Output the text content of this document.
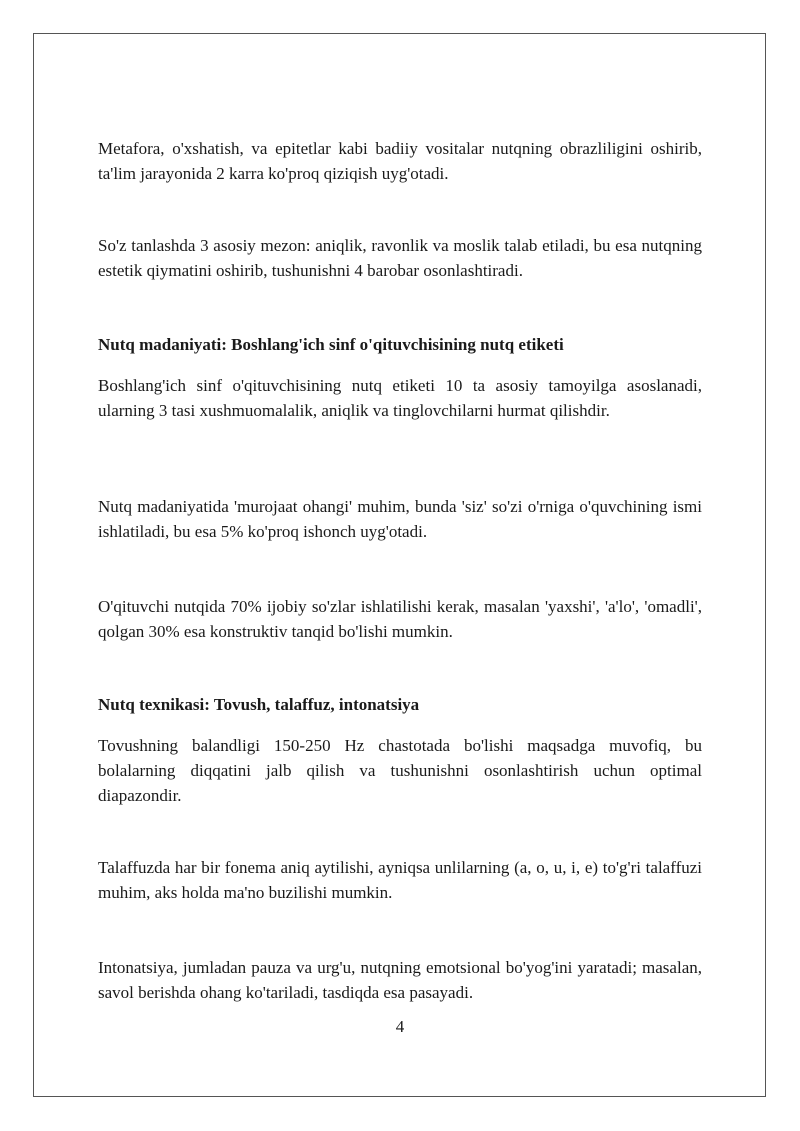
Metafora, o'xshatish, va epitetlar kabi badiiy vositalar nutqning obrazliligini oshirib, ta'lim jarayonida 2 karra ko'proq qiziqish uyg'otadi.

So'z tanlashda 3 asosiy mezon: aniqlik, ravonlik va moslik talab etiladi, bu esa nutqning estetik qiymatini oshirib, tushunishni 4 barobar osonlashtiradi.

Nutq madaniyati: Boshlang'ich sinf o'qituvchisining nutq etiketi

Boshlang'ich sinf o'qituvchisining nutq etiketi 10 ta asosiy tamoyilga asoslanadi, ularning 3 tasi xushmuomalalik, aniqlik va tinglovchilarni hurmat qilishdir.

Nutq madaniyatida 'murojaat ohangi' muhim, bunda 'siz' so'zi o'rniga o'quvchining ismi ishlatiladi, bu esa 5% ko'proq ishonch uyg'otadi.

O'qituvchi nutqida 70% ijobiy so'zlar ishlatilishi kerak, masalan 'yaxshi', 'a'lo', 'omadli', qolgan 30% esa konstruktiv tanqid bo'lishi mumkin.

Nutq texnikasi: Tovush, talaffuz, intonatsiya

Tovushning balandligi 150-250 Hz chastotada bo'lishi maqsadga muvofiq, bu bolalarning diqqatini jalb qilish va tushunishni osonlashtirish uchun optimal diapazondir.

Talaffuzda har bir fonema aniq aytilishi, ayniqsa unlilarning (a, o, u, i, e) to'g'ri talaffuzi muhim, aks holda ma'no buzilishi mumkin.

Intonatsiya, jumladan pauza va urg'u, nutqning emotsional bo'yog'ini yaratadi; masalan, savol berishda ohang ko'tariladi, tasdiqda esa pasayadi.

4
